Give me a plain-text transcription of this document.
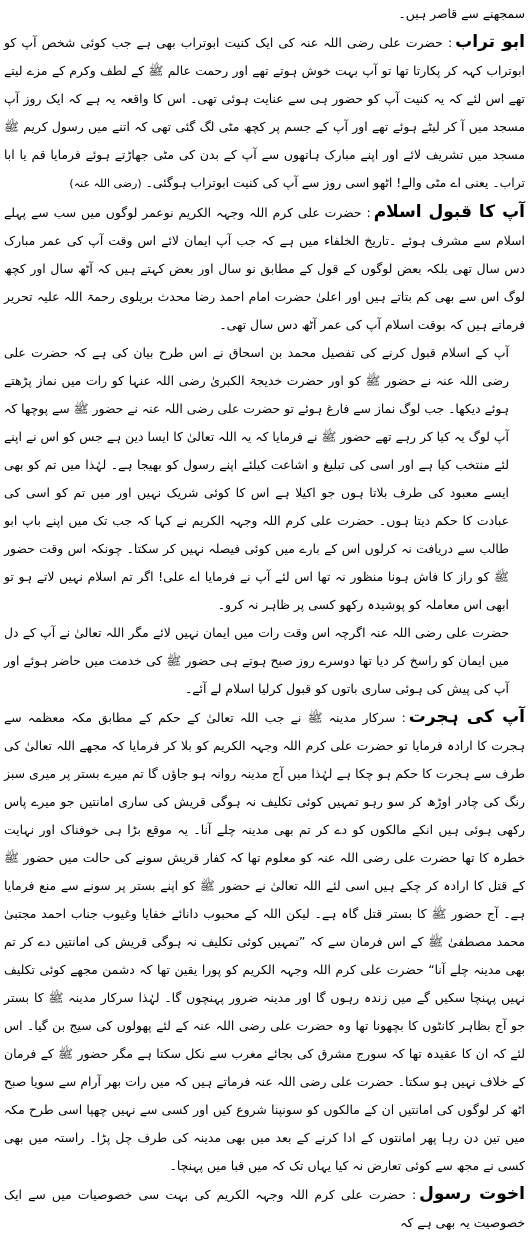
سمجھنے سے قاصر ہیں۔

ابو تراب: حضرت علی رضی اللہ عنہ کی ایک کنیت ابوتراب بھی ہے جب کوئی شخص آپ کو ابوتراب کہہ کر پکارتا تھا تو آپ بہت خوش ہوتے تھے اور رحمت عالم ﷺ کے لطف وکرم کے مزے لیتے تھے اس لئے کہ یہ کنیت آپ کو حضور ہی سے عنایت ہوئی تھی۔ اس کا واقعہ یہ ہے کہ ایک روز آپ مسجد میں آ کر لیٹے ہوئے تھے اور آپ کے جسم پر کچھ مٹی لگ گئی تھی کہ اتنے میں رسول کریم ﷺ مسجد میں تشریف لائے اور اپنے مبارک ہاتھوں سے آپ کے بدن کی مٹی جھاڑتے ہوئے فرمایا قم یا ابا تراب۔ یعنی اے مٹی والے! اٹھو اسی روز سے آپ کی کنیت ابوتراب ہوگئی۔ (رضی اللہ عنہ)

آپ کا قبول اسلام: حضرت علی کرم اللہ وجہہ الکریم نوعمر لوگوں میں سب سے پہلے اسلام سے مشرف ہوئے ۔تاریخ الخلفاء میں ہے کہ جب آپ ایمان لائے اس وقت آپ کی عمر مبارک دس سال تھی بلکہ بعض لوگوں کے قول کے مطابق نو سال اور بعض کہتے ہیں کہ آٹھ سال اور کچھ لوگ اس سے بھی کم بتاتے ہیں اور اعلیٰ حضرت امام احمد رضا محدث بریلوی رحمۃ اللہ علیہ تحریر فرماتے ہیں کہ بوقت اسلام آپ کی عمر آٹھ دس سال تھی۔

آپ کے اسلام قبول کرنے کی تفصیل محمد بن اسحاق نے اس طرح بیان کی ہے کہ حضرت علی رضی اللہ عنہ نے حضور ﷺ کو اور حضرت خدیجۃ الکبریٰ رضی اللہ عنہا کو رات میں نماز پڑھتے ہوئے دیکھا۔ جب لوگ نماز سے فارغ ہوئے تو حضرت علی رضی اللہ عنہ نے حضور ﷺ سے پوچھا کہ آپ لوگ یہ کیا کر رہے تھے حضور ﷺ نے فرمایا کہ یہ اللہ تعالیٰ کا ایسا دین ہے جس کو اس نے اپنے لئے منتخب کیا ہے اور اسی کی تبلیغ و اشاعت کیلئے اپنے رسول کو بھیجا ہے۔ لہٰذا میں تم کو بھی ایسے معبود کی طرف بلاتا ہوں جو اکیلا ہے اس کا کوئی شریک نہیں اور میں تم کو اسی کی عبادت کا حکم دیتا ہوں۔ حضرت علی کرم اللہ وجہہ الکریم نے کہا کہ جب تک میں اپنے باپ ابو طالب سے دریافت نہ کرلوں اس کے بارے میں کوئی فیصلہ نہیں کر سکتا۔ چونکہ اس وقت حضور ﷺ کو راز کا فاش ہونا منظور نہ تھا اس لئے آپ نے فرمایا اے علی! اگر تم اسلام نہیں لاتے ہو تو ابھی اس معاملہ کو پوشیدہ رکھو کسی پر ظاہر نہ کرو۔

حضرت علی رضی اللہ عنہ اگرچہ اس وقت رات میں ایمان نہیں لائے مگر اللہ تعالیٰ نے آپ کے دل میں ایمان کو راسخ کر دیا تھا دوسرے روز صبح ہوتے ہی حضور ﷺ کی خدمت میں حاضر ہوئے اور آپ کی پیش کی ہوئی ساری باتوں کو قبول کرلیا اسلام لے آئے۔

آپ کی ہجرت: سرکار مدینہ ﷺ نے جب اللہ تعالیٰ کے حکم کے مطابق مکہ معظمہ سے ہجرت کا ارادہ فرمایا تو حضرت علی کرم اللہ وجہہ الکریم کو بلا کر فرمایا کہ مجھے اللہ تعالیٰ کی طرف سے ہجرت کا حکم ہو چکا ہے لہٰذا میں آج مدینہ روانہ ہو جاؤں گا تم میرے بستر پر میری سبز رنگ کی چادر اوڑھ کر سو رہو تمہیں کوئی تکلیف نہ ہوگی قریش کی ساری امانتیں جو میرے پاس رکھی ہوئی ہیں انکے مالکوں کو دے کر تم بھی مدینہ چلے آنا۔ یہ موقع بڑا ہی خوفناک اور نہایت خطرہ کا تھا حضرت علی رضی اللہ عنہ کو معلوم تھا کہ کفار قریش سونے کی حالت میں حضور ﷺ کے قتل کا ارادہ کر چکے ہیں اسی لئے اللہ تعالیٰ نے حضور ﷺ کو اپنے بستر پر سونے سے منع فرمایا ہے۔ آج حضور ﷺ کا بستر قتل گاہ ہے۔ لیکن اللہ کے محبوب دانائے خفایا وغیوب جناب احمد مجتبیٰ محمد مصطفیٰ ﷺ کے اس فرمان سے کہ ”تمہیں کوئی تکلیف نہ ہوگی قریش کی امانتیں دے کر تم بھی مدینہ چلے آنا“ حضرت علی کرم اللہ وجہہ الکریم کو پورا یقین تھا کہ دشمن مجھے کوئی تکلیف نہیں پہنچا سکیں گے میں زندہ رہوں گا اور مدینہ ضرور پہنچوں گا۔ لہٰذا سرکار مدینہ ﷺ کا بستر جو آج بظاہر کانٹوں کا بچھونا تھا وہ حضرت علی رضی اللہ عنہ کے لئے پھولوں کی سیج بن گیا۔ اس لئے کہ ان کا عقیدہ تھا کہ سورج مشرق کی بجائے مغرب سے نکل سکتا ہے مگر حضور ﷺ کے فرمان کے خلاف نہیں ہو سکتا۔ حضرت علی رضی اللہ عنہ فرماتے ہیں کہ میں رات بھر آرام سے سویا صبح اٹھ کر لوگوں کی امانتیں ان کے مالکوں کو سونپنا شروع کیں اور کسی سے نہیں چھپا اسی طرح مکہ میں تین دن رہا پھر امانتوں کے ادا کرنے کے بعد میں بھی مدینہ کی طرف چل پڑا۔ راستہ میں بھی کسی نے مجھ سے کوئی تعارض نہ کیا یہاں تک کہ میں قبا میں پہنچا۔

اخوت رسول: حضرت علی کرم اللہ وجہہ الکریم کی بہت سی خصوصیات میں سے ایک خصوصیت یہ بھی ہے کہ
